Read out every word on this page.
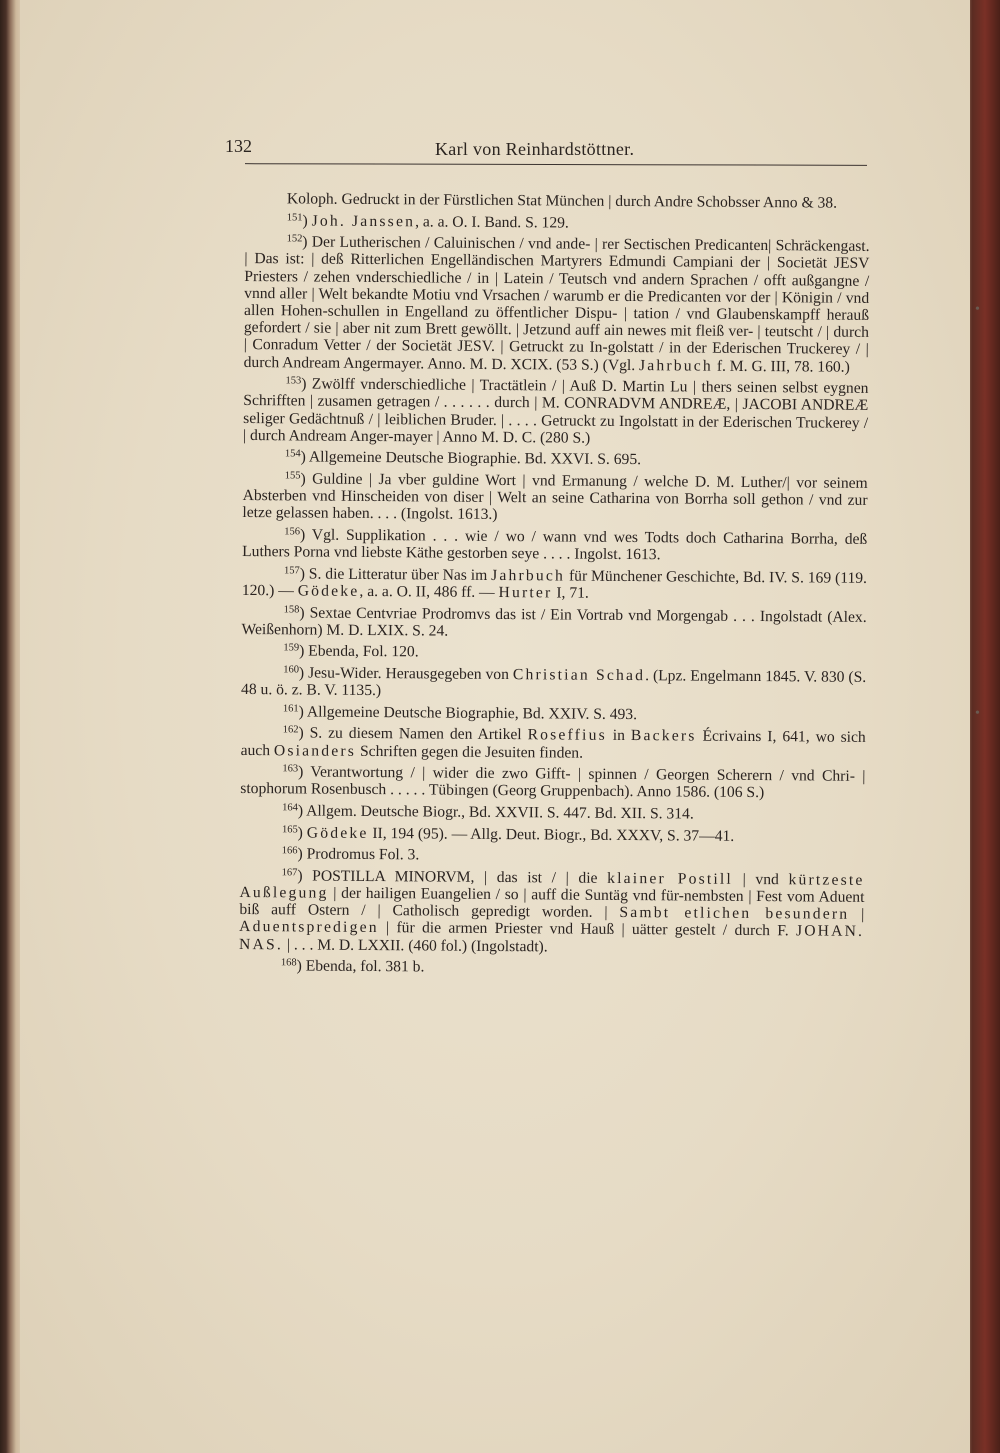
132	Karl von Reinhardstöttner.

Koloph. Gedruckt in der Fürstlichen Stat München | durch Andre Schobsser Anno & 38.

$^{151}$) Joh. Janssen, a. a. O. I. Band. S. 129.

$^{152}$) Der Lutherischen / Caluinischen / vnd ande- | rer Sectischen Predicanten| Schräckengast. | Das ist: | deß Ritterlichen Engelländischen Martyrers Edmundi Campiani der | Societät JESV Priesters / zehen vnderschiedliche / in | Latein / Teutsch vnd andern Sprachen / offt außgangne / vnnd aller | Welt bekandte Motiu vnd Vrsachen / warumb er die Predicanten vor der | Königin / vnd allen Hohen-schullen in Engelland zu öffentlicher Dispu- | tation / vnd Glaubenskampff herauß gefordert / sie | aber nit zum Brett gewöllt. | Jetzund auff ain newes mit fleiß ver- | teutscht / | durch | Conradum Vetter / der Societät JESV. | Getruckt zu In-golstatt / in der Ederischen Truckerey / | durch Andream Angermayer. Anno. M. D. XCIX. (53 S.) (Vgl. Jahrbuch f. M. G. III, 78. 160.)

$^{153}$) Zwölff vnderschiedliche | Tractätlein / | Auß D. Martin Lu | thers seinen selbst eygnen Schrifften | zusamen getragen / . . . . . . durch | M. CONRADVM ANDREÆ, | JACOBI ANDREÆ seliger Gedächtnuß / | leiblichen Bruder. | . . . . Getruckt zu Ingolstatt in der Ederischen Truckerey / | durch Andream Anger-mayer | Anno M. D. C. (280 S.)

$^{154}$) Allgemeine Deutsche Biographie. Bd. XXVI. S. 695.

$^{155}$) Guldine | Ja vber guldine Wort | vnd Ermanung / welche D. M. Luther/| vor seinem Absterben vnd Hinscheiden von diser | Welt an seine Catharina von Borrha soll gethon / vnd zur letze gelassen haben. . . . (Ingolst. 1613.)

$^{156}$) Vgl. Supplikation . . . wie / wo / wann vnd wes Todts doch Catharina Borrha, deß Luthers Porna vnd liebste Käthe gestorben seye . . . . Ingolst. 1613.

$^{157}$) S. die Litteratur über Nas im Jahrbuch für Münchener Geschichte, Bd. IV. S. 169 (119. 120.) — Gödeke, a. a. O. II, 486 ff. — Hurter I, 71.

$^{158}$) Sextae Centvriae Prodromvs das ist / Ein Vortrab vnd Morgengab . . . Ingolstadt (Alex. Weißenhorn) M. D. LXIX. S. 24.

$^{159}$) Ebenda, Fol. 120.

$^{160}$) Jesu-Wider. Herausgegeben von Christian Schad. (Lpz. Engelmann 1845. V. 830 (S. 48 u. ö. z. B. V. 1135.)

$^{161}$) Allgemeine Deutsche Biographie, Bd. XXIV. S. 493.

$^{162}$) S. zu diesem Namen den Artikel Roseffius in Backers Écrivains I, 641, wo sich auch Osianders Schriften gegen die Jesuiten finden.

$^{163}$) Verantwortung / | wider die zwo Gifft- | spinnen / Georgen Scherern / vnd Chri- | stophorum Rosenbusch . . . . . Tübingen (Georg Gruppenbach). Anno 1586. (106 S.)

$^{164}$) Allgem. Deutsche Biogr., Bd. XXVII. S. 447. Bd. XII. S. 314.

$^{165}$) Gödeke II, 194 (95). — Allg. Deut. Biogr., Bd. XXXV, S. 37—41.

$^{166}$) Prodromus Fol. 3.

$^{167}$) POSTILLA MINORVM, | das ist / | die klainer Postill | vnd kürtzeste Außlegung | der hailigen Euangelien / so | auff die Suntäg vnd für-nembsten | Fest vom Aduent biß auff Ostern / | Catholisch gepredigt worden. | Sambt etlichen besundern | Aduentspredigen | für die armen Priester vnd Hauß | uätter gestelt / durch F. JOHAN. NAS. | . . . M. D. LXXII. (460 fol.) (Ingolstadt).

$^{168}$) Ebenda, fol. 381 b.

•
•
